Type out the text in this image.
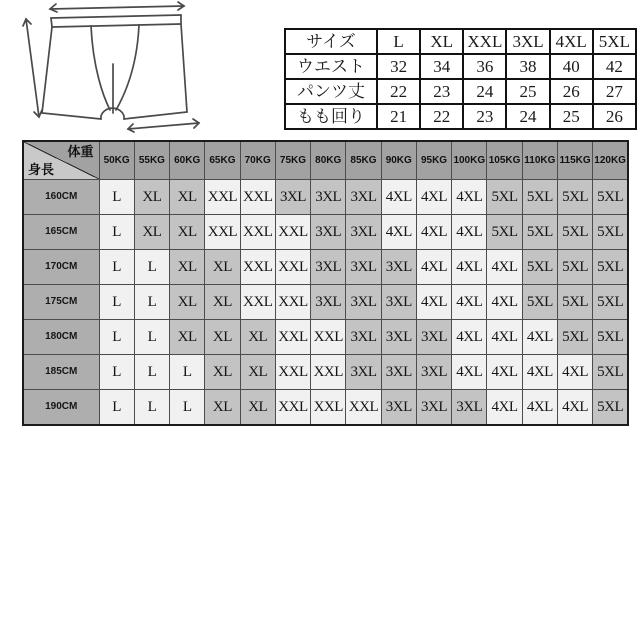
サイズ	L	XL	XXL	3XL	4XL	5XL
ウエスト	32	34	36	38	40	42
パンツ丈	22	23	24	25	26	27
もも回り	21	22	23	24	25	26
体重
身長	50KG	55KG	60KG	65KG	70KG	75KG	80KG	85KG	90KG	95KG	100KG	105KG	110KG	115KG	120KG
160CM	L	XL	XL	XXL	XXL	3XL	3XL	3XL	4XL	4XL	4XL	5XL	5XL	5XL	5XL
165CM	L	XL	XL	XXL	XXL	XXL	3XL	3XL	4XL	4XL	4XL	5XL	5XL	5XL	5XL
170CM	L	L	XL	XL	XXL	XXL	3XL	3XL	3XL	4XL	4XL	4XL	5XL	5XL	5XL
175CM	L	L	XL	XL	XXL	XXL	3XL	3XL	3XL	4XL	4XL	4XL	5XL	5XL	5XL
180CM	L	L	XL	XL	XL	XXL	XXL	3XL	3XL	3XL	4XL	4XL	4XL	5XL	5XL
185CM	L	L	L	XL	XL	XXL	XXL	3XL	3XL	3XL	4XL	4XL	4XL	4XL	5XL
190CM	L	L	L	XL	XL	XXL	XXL	XXL	3XL	3XL	3XL	4XL	4XL	4XL	5XL
